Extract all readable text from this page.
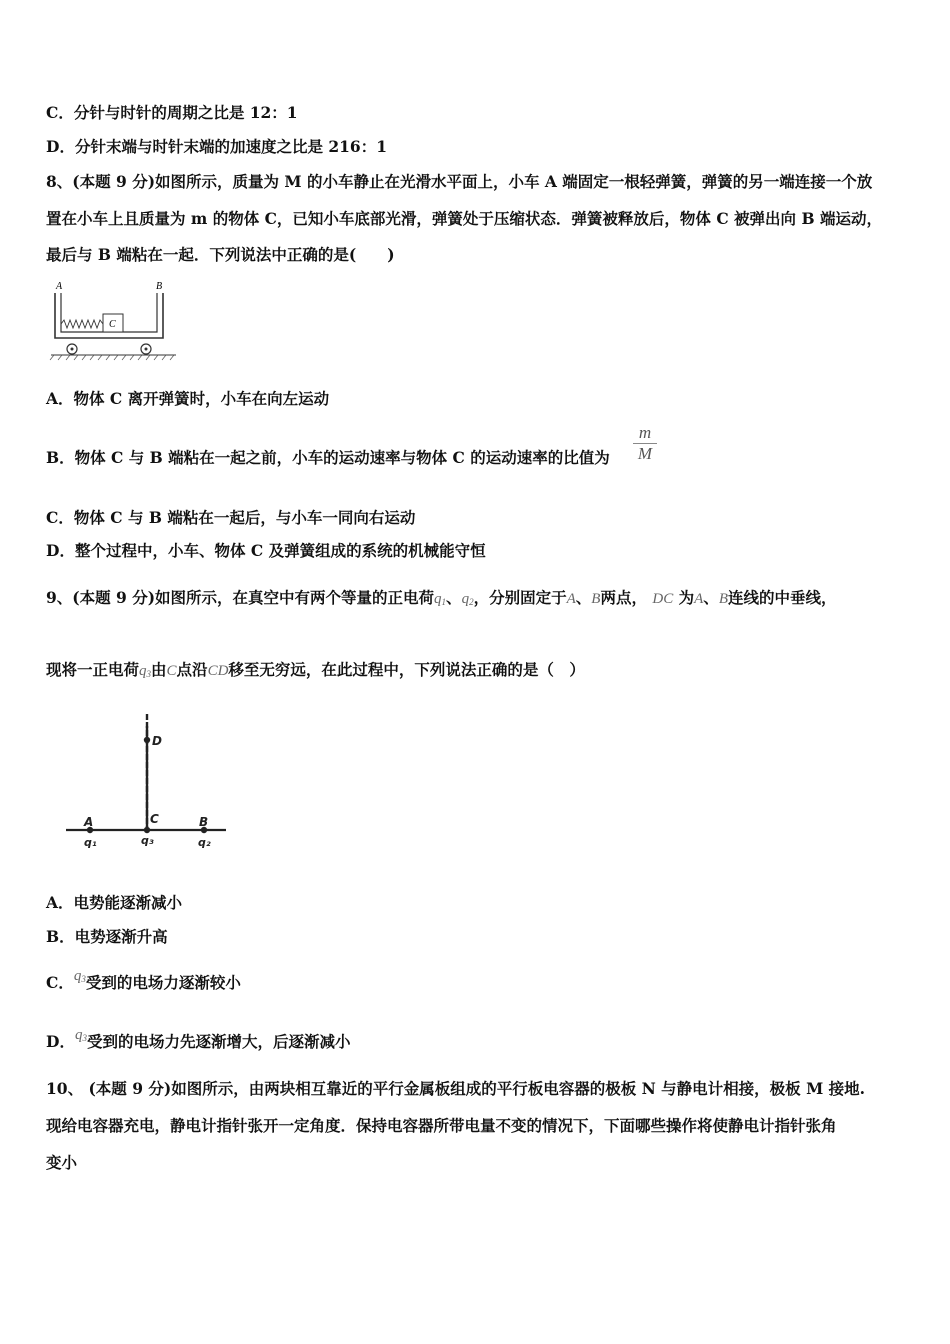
C．分针与时针的周期之比是 12：1
D．分针末端与时针末端的加速度之比是 216：1
8、(本题 9 分)如图所示，质量为 M 的小车静止在光滑水平面上，小车 A 端固定一根轻弹簧，弹簧的另一端连接一个放
置在小车上且质量为 m 的物体 C，已知小车底部光滑，弹簧处于压缩状态．弹簧被释放后，物体 C 被弹出向 B 端运动，
最后与 B 端粘在一起．下列说法中正确的是(　　)
A	B
C
A．物体 C 离开弹簧时，小车在向左运动
B．物体 C 与 B 端粘在一起之前，小车的运动速率与物体 C 的运动速率的比值为
m
M
C．物体 C 与 B 端粘在一起后，与小车一同向右运动
D．整个过程中，小车、物体 C 及弹簧组成的系统的机械能守恒
9、(本题 9 分)如图所示，在真空中有两个等量的正电荷$q_1$、$q_2$，分别固定于A、B两点， DC 为A、B连线的中垂线，
现将一正电荷$q_3$由C点沿CD移至无穷远，在此过程中，下列说法正确的是（　）
D
A	C	B
q₁	q₃	q₂
A．电势能逐渐减小
B．电势逐渐升高
C．$q_3$受到的电场力逐渐较小
D．$q_3$受到的电场力先逐渐增大，后逐渐减小
10、 (本题 9 分)如图所示，由两块相互靠近的平行金属板组成的平行板电容器的极板 N 与静电计相接，极板 M 接地.
现给电容器充电，静电计指针张开一定角度．保持电容器所带电量不变的情况下，下面哪些操作将使静电计指针张角
变小
